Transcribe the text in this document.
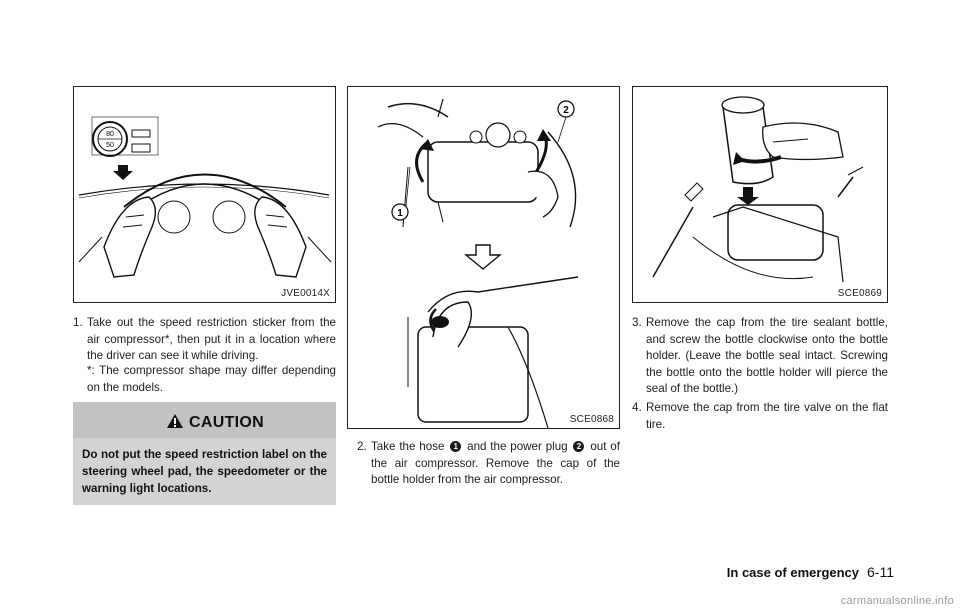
80
50
JVE0014X
1
2
SCE0868
SCE0869
1. Take out the speed restriction sticker from the air compressor*, then put it in a location where the driver can see it while driving.
*: The compressor shape may differ depending on the models.
CAUTION
Do not put the speed restriction label on the steering wheel pad, the speedometer or the warning light locations.
2. Take the hose 1 and the power plug 2 out of the air compressor. Remove the cap of the bottle holder from the air compressor.
3. Remove the cap from the tire sealant bottle, and screw the bottle clockwise onto the bottle holder. (Leave the bottle seal intact. Screwing the bottle onto the bottle holder will pierce the seal of the bottle.)
4. Remove the cap from the tire valve on the flat tire.
In case of emergency 6-11
carmanualsonline.info
